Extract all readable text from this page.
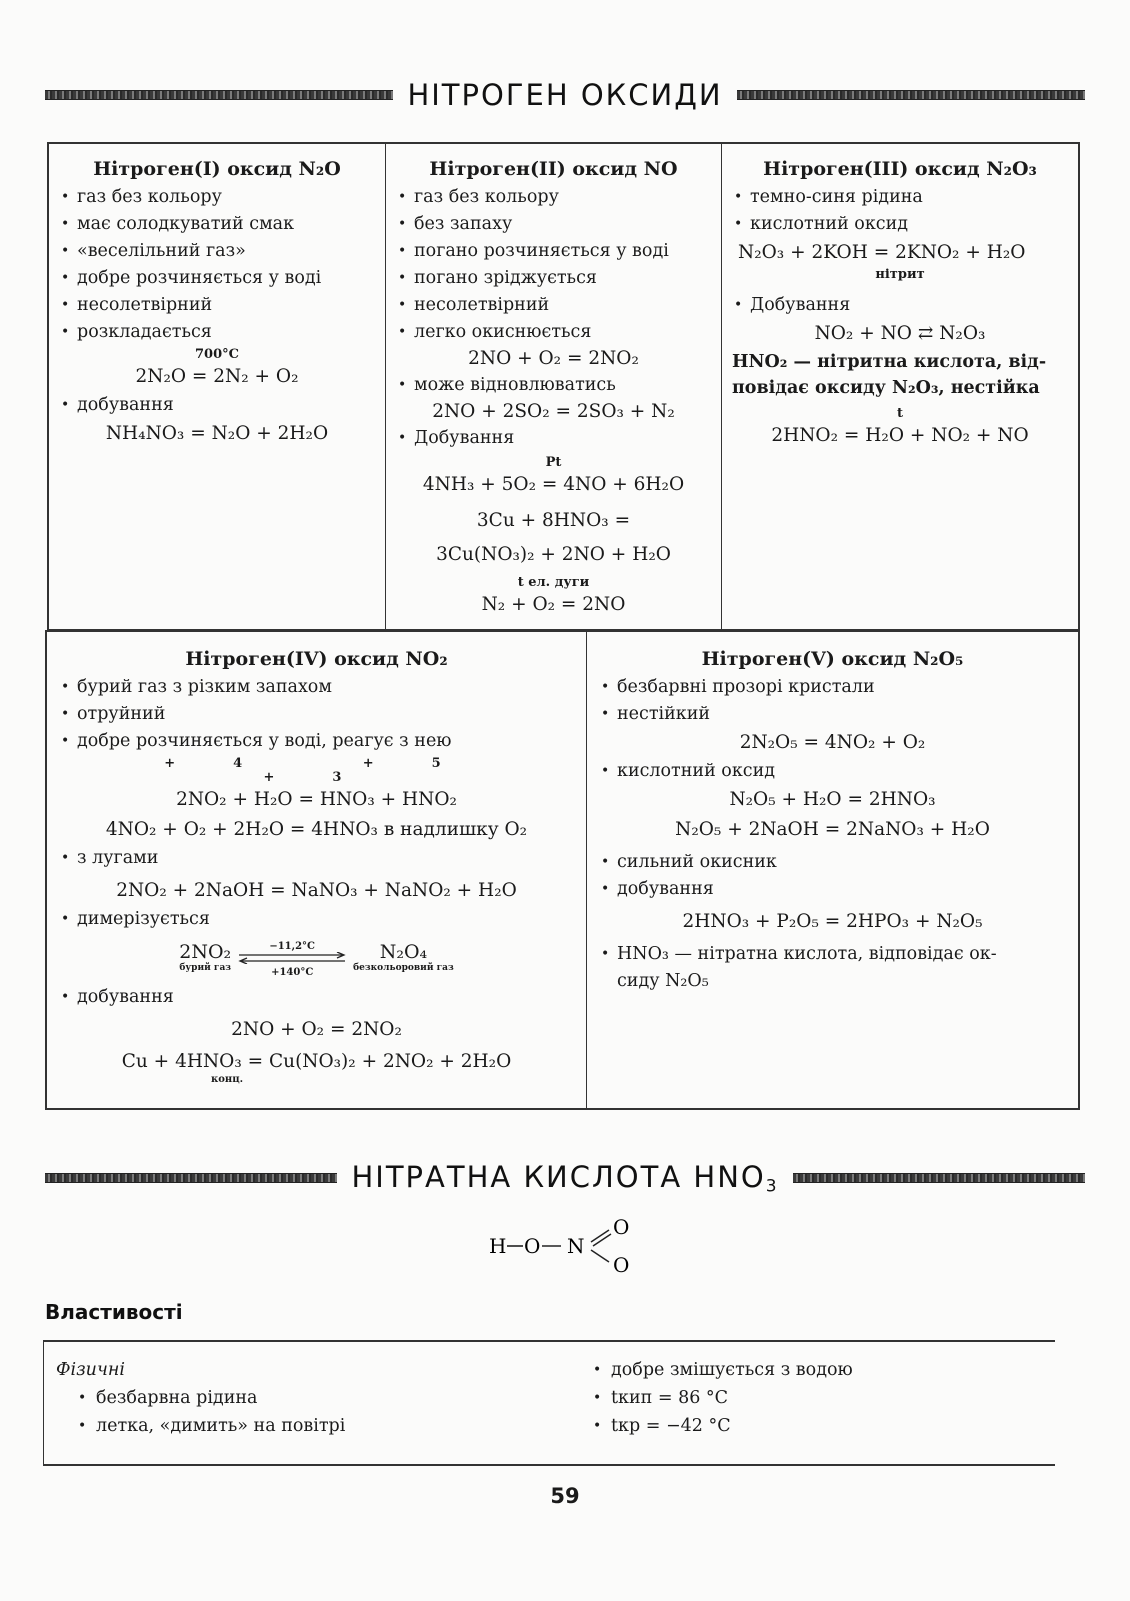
НІТРОГЕН ОКСИДИ
Нітроген(I) оксид N₂O
• газ без кольору
• має солодкуватий смак
• «веселільний газ»
• добре розчиняється у воді
• несолетвірний
• розкладається
700°C
2N₂O = 2N₂ + O₂
• добування
NH₄NO₃ = N₂O + 2H₂O
Нітроген(II) оксид NO
• газ без кольору
• без запаху
• погано розчиняється у воді
• погано зріджується
• несолетвірний
• легко окиснюється
2NO + O₂ = 2NO₂
• може відновлюватись
2NO + 2SO₂ = 2SO₃ + N₂
• Добування
Pt
4NH₃ + 5O₂ = 4NO + 6H₂O
3Cu + 8HNO₃ =
3Cu(NO₃)₂ + 2NO + H₂O
t ел. дуги
N₂ + O₂ = 2NO
Нітроген(III) оксид N₂O₃
• темно-синя рідина
• кислотний оксид
N₂O₃ + 2KOH = 2KNO₂ + H₂O
нітрит
• Добування
NO₂ + NO ⇄ N₂O₃
HNO₂ — нітритна кислота, від-
повідає оксиду N₂O₃, нестійка
t
2HNO₂ = H₂O + NO₂ + NO
Нітроген(IV) оксид NO₂
• бурий газ з різким запахом
• отруйний
• добре розчиняється у воді, реагує з нею
+4	+5 +3
2NO₂ + H₂O = HNO₃ + HNO₂
4NO₂ + O₂ + 2H₂O = 4HNO₃ в надлишку O₂
• з лугами
2NO₂ + 2NaOH = NaNO₃ + NaNO₂ + H₂O
• димерізується
2NO₂
бурий газ
−11,2°C
+140°C
N₂O₄
безкольоровий газ
• добування
2NO + O₂ = 2NO₂
Cu + 4HNO₃ = Cu(NO₃)₂ + 2NO₂ + 2H₂O
конц.
Нітроген(V) оксид N₂O₅
• безбарвні прозорі кристали
• нестійкий
2N₂O₅ = 4NO₂ + O₂
• кислотний оксид
N₂O₅ + H₂O = 2HNO₃
N₂O₅ + 2NaOH = 2NaNO₃ + H₂O
• сильний окисник
• добування
2HNO₃ + P₂O₅ = 2HPO₃ + N₂O₅
• HNO₃ — нітратна кислота, відповідає ок-
сиду N₂O₅
НІТРАТНА КИСЛОТА $HNO_3$
H O N
O
O
Властивості
Фізичні
• безбарвна рідина
• летка, «димить» на повітрі
• добре змішується з водою
• tкип = 86 °C
• tкр = −42 °C
59
